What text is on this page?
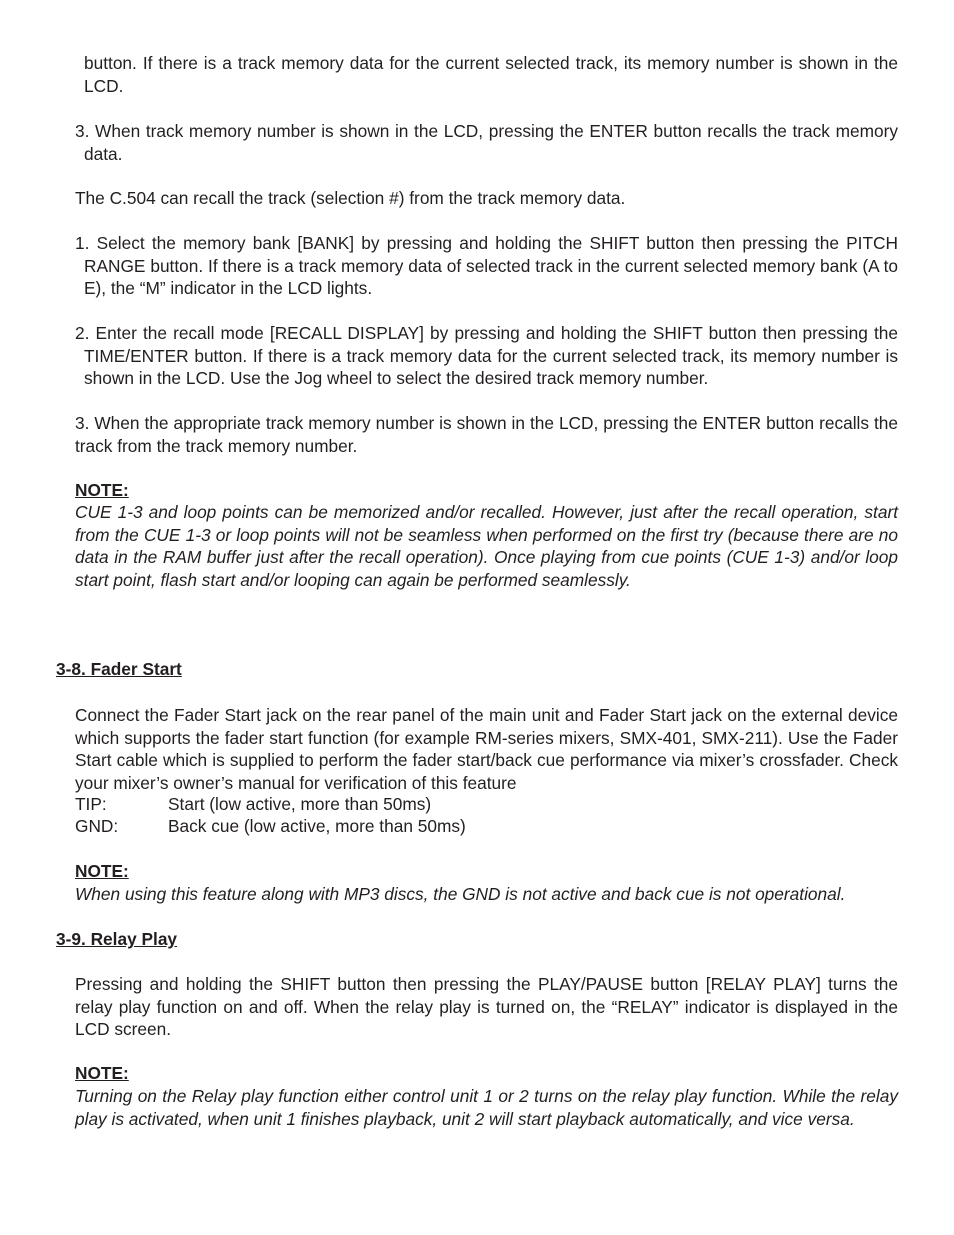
button. If there is a track memory data for the current selected track, its memory number is shown in the LCD.

3. When track memory number is shown in the LCD, pressing the ENTER button recalls the track memory data.

The C.504 can recall the track (selection #) from the track memory data.

1. Select the memory bank [BANK] by pressing and holding the SHIFT button then pressing the PITCH RANGE button. If there is a track memory data of selected track in the current selected memory bank (A to E), the “M” indicator in the LCD lights.

2. Enter the recall mode [RECALL DISPLAY] by pressing and holding the SHIFT button then pressing the TIME/ENTER button. If there is a track memory data for the current selected track, its memory number is shown in the LCD. Use the Jog wheel to select the desired track memory number.

3. When the appropriate track memory number is shown in the LCD, pressing the ENTER button recalls the track from the track memory number.

NOTE:

CUE 1-3 and loop points can be memorized and/or recalled. However, just after the recall operation, start from the CUE 1-3 or loop points will not be seamless when performed on the first try (because there are no data in the RAM buffer just after the recall operation). Once playing from cue points (CUE 1-3) and/or loop start point, flash start and/or looping can again be performed seamlessly.

3-8. Fader Start

Connect the Fader Start jack on the rear panel of the main unit and Fader Start jack on the external device which supports the fader start function (for example RM-series mixers, SMX-401, SMX-211). Use the Fader Start cable which is supplied to perform the fader start/back cue performance via mixer’s crossfader. Check your mixer’s owner’s manual for verification of this feature

TIP:	Start (low active, more than 50ms)
GND:	Back cue (low active, more than 50ms)

NOTE:

When using this feature along with MP3 discs, the GND is not active and back cue is not operational.

3-9. Relay Play

Pressing and holding the SHIFT button then pressing the PLAY/PAUSE button [RELAY PLAY] turns the relay play function on and off. When the relay play is turned on, the “RELAY” indicator is displayed in the LCD screen.

NOTE:

Turning on the Relay play function either control unit 1 or 2 turns on the relay play function. While the relay play is activated, when unit 1 finishes playback, unit 2 will start playback automatically, and vice versa.
